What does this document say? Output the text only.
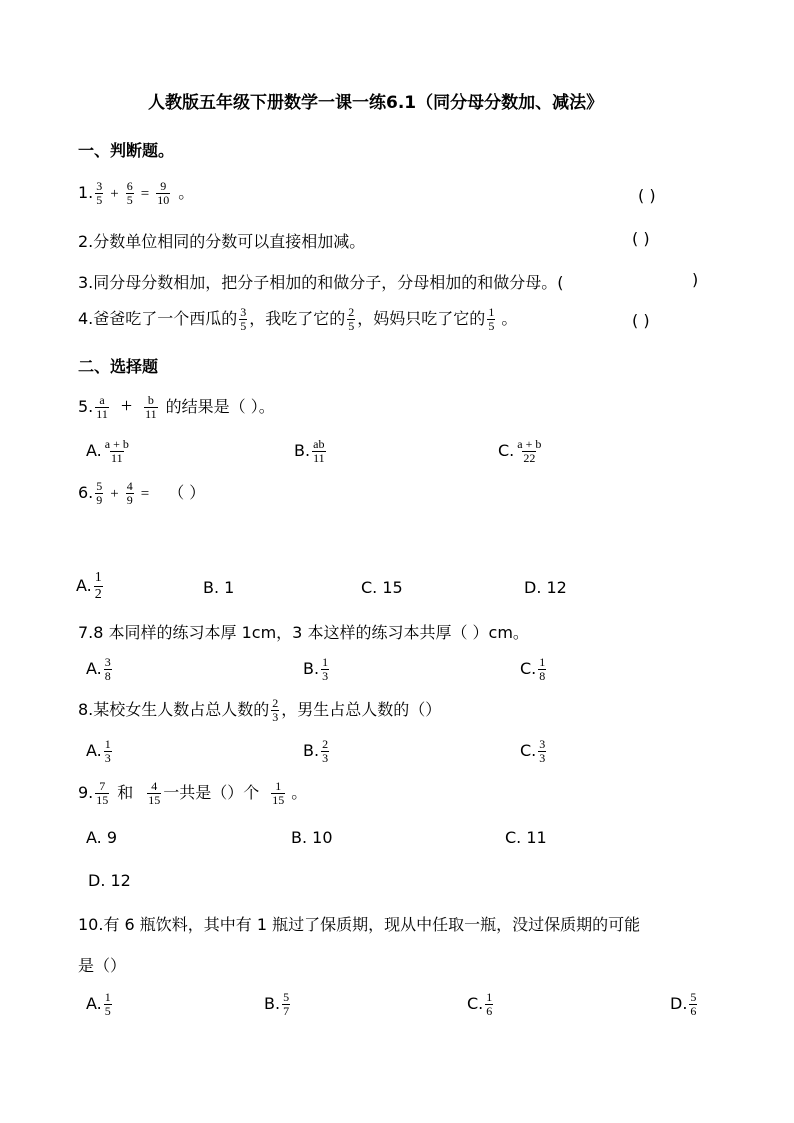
人教版五年级下册数学一课一练6.1（同分母分数加、减法》
一、判断题。
1. $\frac{3}{5} + \frac{6}{5} = \frac{9}{10}$ 。	( )
2.分数单位相同的分数可以直接相加减。	( )
3.同分母分数相加，把分子相加的和做分子，分母相加的和做分母。(	)
4.爸爸吃了一个西瓜的 $\frac{3}{5}$ ，我吃了它的 $\frac{2}{5}$ ，妈妈只吃了它的 $\frac{1}{5}$ 。	( )
二、选择题
5. $\frac{a}{11} + \frac{b}{11}$ 的结果是（ ）。
A. $\frac{a + b}{11}$	B. $\frac{ab}{11}$	C. $\frac{a + b}{22}$
6. $\frac{5}{9} + \frac{4}{9}$ = （ ）
A. $\frac{1}{2}$	B. 1	C. 15	D. 12
7.8 本同样的练习本厚 1cm，3 本这样的练习本共厚（ ）cm。
A. $\frac{3}{8}$	B. $\frac{1}{3}$	C. $\frac{1}{8}$
8.某校女生人数占总人数的 $\frac{2}{3}$ ，男生占总人数的（）
A. $\frac{1}{3}$	B. $\frac{2}{3}$	C. $\frac{3}{3}$
9. $\frac{7}{15}$ 和 $\frac{4}{15}$ 一共是（）个 $\frac{1}{15}$ 。
A. 9	B. 10	C. 11
D. 12
10.有 6 瓶饮料，其中有 1 瓶过了保质期，现从中任取一瓶，没过保质期的可能
是（）
A. $\frac{1}{5}$	B. $\frac{5}{7}$	C. $\frac{1}{6}$	D. $\frac{5}{6}$
